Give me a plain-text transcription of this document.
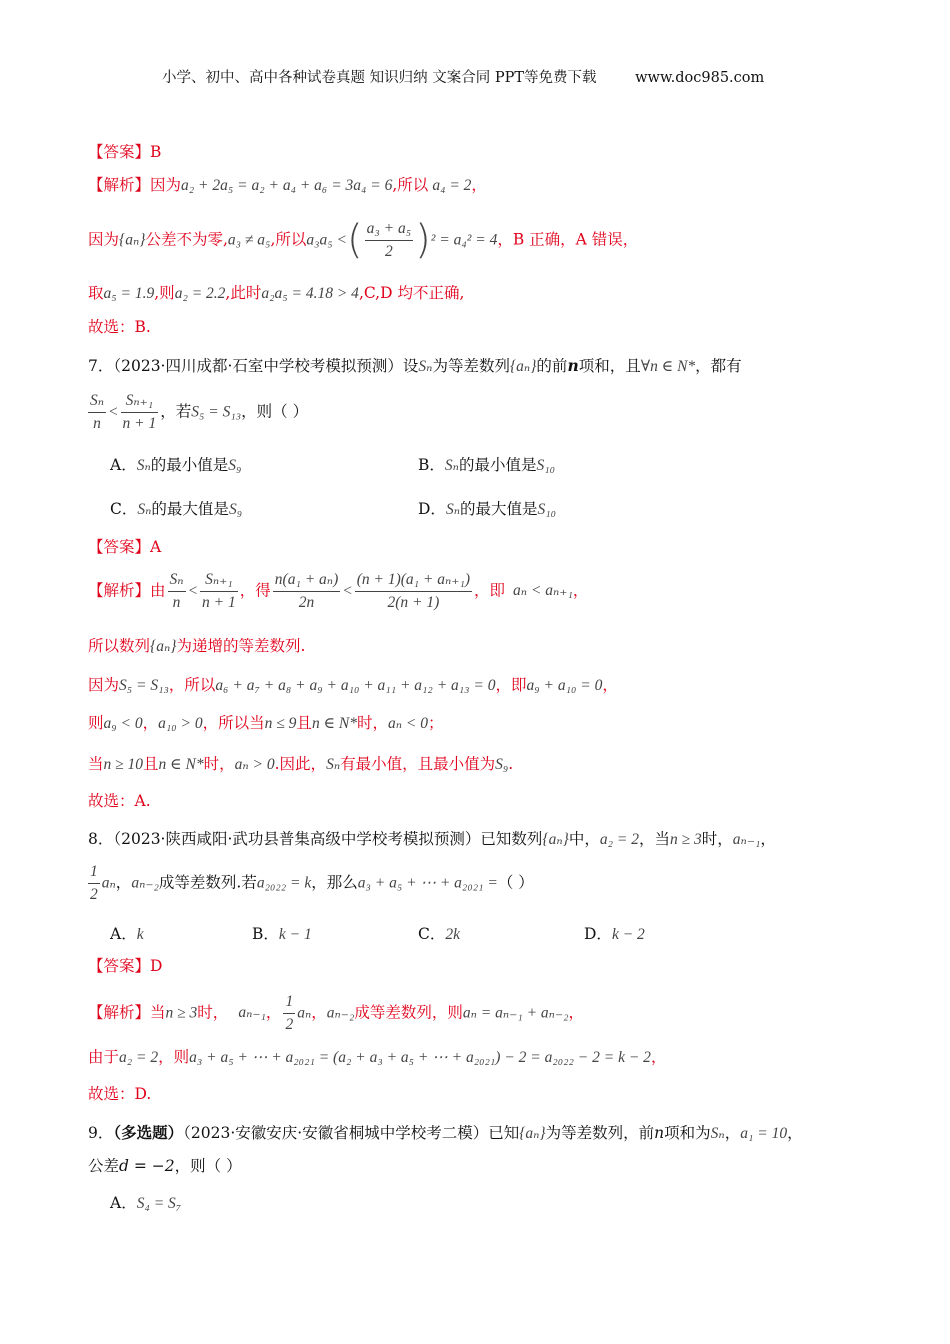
小学、初中、高中各种试卷真题 知识归纳 文案合同 PPT等免费下载	www.doc985.com
【答案】B
【解析】因为a₂ + 2a₅ = a₂ + a₄ + a₆ = 3a₄ = 6,所以 a₄ = 2，
因为{aₙ}公差不为零,a₃ ≠ a₅,所以a₃a₅ <( $\frac{\text{a₃ + a₅}}{2} )^2 = a_4^2 = 4$，B 正确，A 错误，
取a₅ = 1.9,则a₂ = 2.2,此时a₂a₅ = 4.18 > 4,C,D 均不正确,
故选：B.
7．（2023·四川成都·石室中学校考模拟预测）设Sₙ为等差数列{aₙ}的前n项和，且∀n ∈ N*，都有
$\frac{\text{Sₙ}}{n} < \frac{\text{Sₙ₊₁}}{n + 1}$ ，若S₅ = S₁₃，则（ ）
A．Sₙ的最小值是S₉	B．Sₙ的最小值是S₁₀
C．Sₙ的最大值是S₉	D．Sₙ的最大值是S₁₀
【答案】A
【解析】由 $\frac{\text{Sₙ}}{n} < \frac{\text{Sₙ₊₁}}{n + 1}$ ，得 $\frac{\text{n(a₁ + aₙ)}}{2n} < \frac{\text{(n + 1)(a₁ + aₙ₊₁)}}{2(n + 1)}$ ，即 aₙ < aₙ₊₁，
所以数列{aₙ}为递增的等差数列.
因为S₅ = S₁₃，所以a₆ + a₇ + a₈ + a₉ + a₁₀ + a₁₁ + a₁₂ + a₁₃ = 0，即a₉ + a₁₀ = 0，
则a₉ < 0，a₁₀ > 0，所以当n ≤ 9且n ∈ N*时，aₙ < 0；
当n ≥ 10且n ∈ N*时，aₙ > 0.因此，Sₙ有最小值，且最小值为S₉.
故选：A.
8．（2023·陕西咸阳·武功县普集高级中学校考模拟预测）已知数列{aₙ}中，a₂ = 2，当n ≥ 3时，aₙ₋₁，
$\frac{1}{2}$ aₙ，aₙ₋₂成等差数列.若a₂₀₂₂ = k，那么a₃ + a₅ + ⋯ + a₂₀₂₁ =（ ）
A．k	B．k − 1	C．2k	D．k − 2
【答案】D
【解析】当n ≥ 3时， aₙ₋₁， $\frac{1}{2}$ aₙ，aₙ₋₂成等差数列，则aₙ = aₙ₋₁ + aₙ₋₂，
由于a₂ = 2，则a₃ + a₅ + ⋯ + a₂₀₂₁ = (a₂ + a₃ + a₅ + ⋯ + a₂₀₂₁) − 2 = a₂₀₂₂ − 2 = k − 2，
故选：D.
9．（多选题）（2023·安徽安庆·安徽省桐城中学校考二模）已知{aₙ}为等差数列，前n项和为Sₙ，a₁ = 10，
公差d = −2，则（ ）
A．S₄ = S₇
